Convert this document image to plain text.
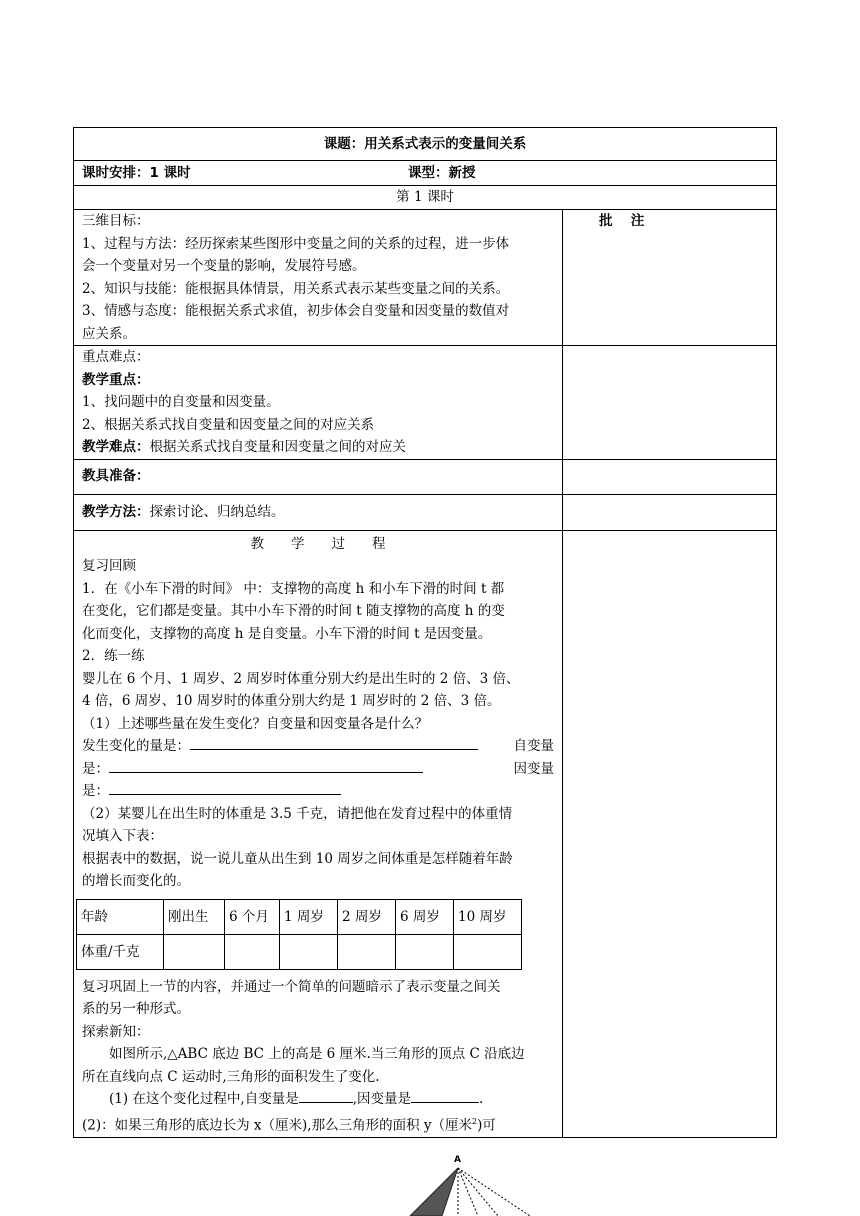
课题：用关系式表示的变量间关系
课时安排：1 课时	课型：新授
第 1 课时

三维目标：
1、过程与方法：经历探索某些图形中变量之间的关系的过程，进一步体
会一个变量对另一个变量的影响，发展符号感。
2、知识与技能：能根据具体情景，用关系式表示某些变量之间的关系。
3、情感与态度：能根据关系式求值，初步体会自变量和因变量的数值对
应关系。
	批　 注

重点难点：
教学重点：
1、找问题中的自变量和因变量。
2、根据关系式找自变量和因变量之间的对应关系
教学难点：根据关系式找自变量和因变量之间的对应关

教具准备：	
教学方法：探索讨论、归纳总结。	

教　　学　　过　　程
复习回顾
1．在《小车下滑的时间》 中：支撑物的高度 h 和小车下滑的时间 t 都
在变化，它们都是变量。其中小车下滑的时间 t 随支撑物的高度 h 的变
化而变化，支撑物的高度 h 是自变量。小车下滑的时间 t 是因变量。
2．练一练
婴儿在 6 个月、1 周岁、2 周岁时体重分别大约是出生时的 2 倍、3 倍、
4 倍，6 周岁、10 周岁时的体重分别大约是 1 周岁时的 2 倍、3 倍。
（1）上述哪些量在发生变化？自变量和因变量各是什么？
发生变化的量是：	自变量
是：	因变量
是：
（2）某婴儿在出生时的体重是 3.5 千克，请把他在发育过程中的体重情
况填入下表：
根据表中的数据，说一说儿童从出生到 10 周岁之间体重是怎样随着年龄
的增长而变化的。
年龄	刚出生	6 个月	1 周岁	2 周岁	6 周岁	10 周岁
体重/千克						
复习巩固上一节的内容，并通过一个简单的问题暗示了表示变量之间关
系的另一种形式。
探索新知：
如图所示,△ABC 底边 BC 上的高是 6 厘米.当三角形的顶点 C 沿底边
所在直线向点 C 运动时,三角形的面积发生了变化.
(1) 在这个变化过程中,自变量是	,因变量是	.
(2)：如果三角形的底边长为 x（厘米),那么三角形的面积 y（厘米$^2$)可

A
